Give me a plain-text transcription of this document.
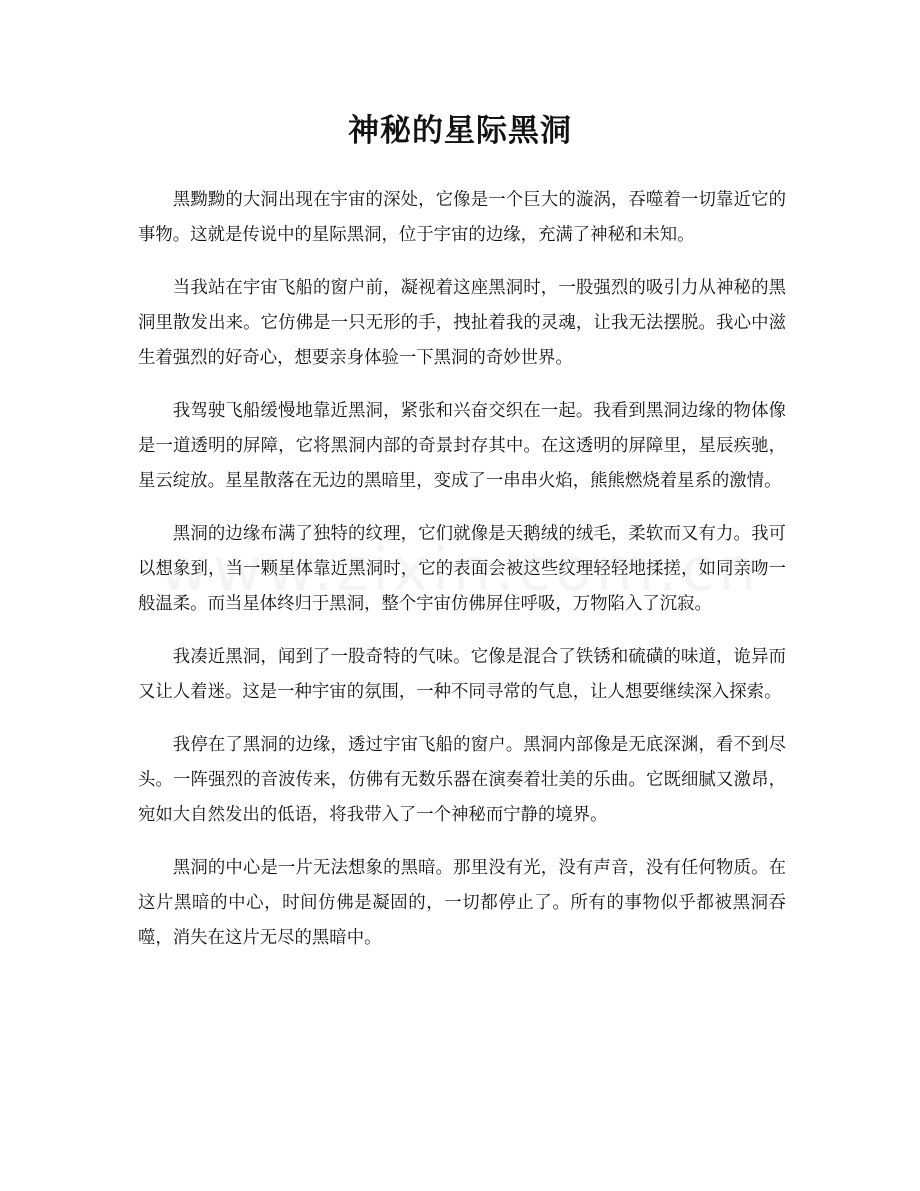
神秘的星际黑洞

黑黝黝的大洞出现在宇宙的深处，它像是一个巨大的漩涡，吞噬着一切靠近它的事物。这就是传说中的星际黑洞，位于宇宙的边缘，充满了神秘和未知。

当我站在宇宙飞船的窗户前，凝视着这座黑洞时，一股强烈的吸引力从神秘的黑洞里散发出来。它仿佛是一只无形的手，拽扯着我的灵魂，让我无法摆脱。我心中滋生着强烈的好奇心，想要亲身体验一下黑洞的奇妙世界。

我驾驶飞船缓慢地靠近黑洞，紧张和兴奋交织在一起。我看到黑洞边缘的物体像是一道透明的屏障，它将黑洞内部的奇景封存其中。在这透明的屏障里，星辰疾驰，星云绽放。星星散落在无边的黑暗里，变成了一串串火焰，熊熊燃烧着星系的激情。

黑洞的边缘布满了独特的纹理，它们就像是天鹅绒的绒毛，柔软而又有力。我可以想象到，当一颗星体靠近黑洞时，它的表面会被这些纹理轻轻地揉搓，如同亲吻一般温柔。而当星体终归于黑洞，整个宇宙仿佛屏住呼吸，万物陷入了沉寂。

我凑近黑洞，闻到了一股奇特的气味。它像是混合了铁锈和硫磺的味道，诡异而又让人着迷。这是一种宇宙的氛围，一种不同寻常的气息，让人想要继续深入探索。

我停在了黑洞的边缘，透过宇宙飞船的窗户。黑洞内部像是无底深渊，看不到尽头。一阵强烈的音波传来，仿佛有无数乐器在演奏着壮美的乐曲。它既细腻又激昂，宛如大自然发出的低语，将我带入了一个神秘而宁静的境界。

黑洞的中心是一片无法想象的黑暗。那里没有光，没有声音，没有任何物质。在这片黑暗的中心，时间仿佛是凝固的，一切都停止了。所有的事物似乎都被黑洞吞噬，消失在这片无尽的黑暗中。
